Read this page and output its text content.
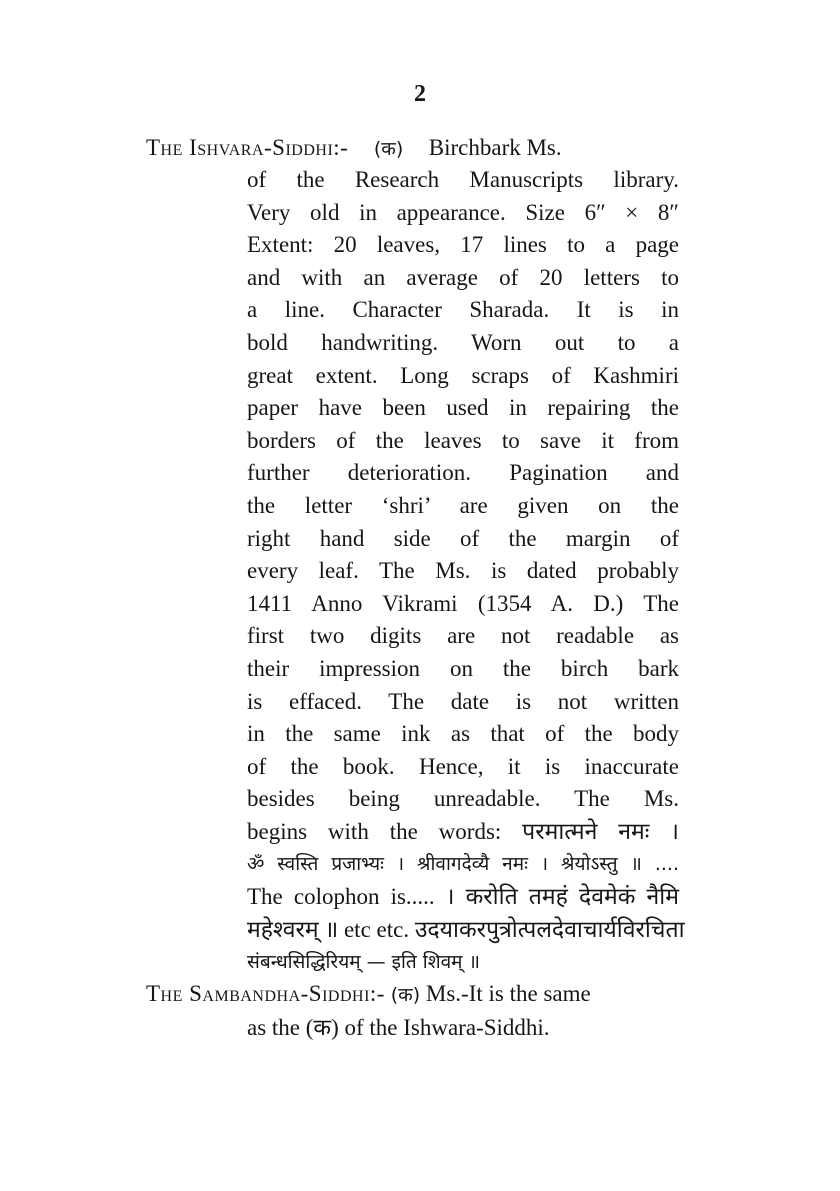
2
The Ishvara-Siddhi:- (क) Birchbark Ms.
of the Research Manuscripts library.
Very old in appearance. Size 6″ × 8″
Extent: 20 leaves, 17 lines to a page
and with an average of 20 letters to
a line. Character Sharada. It is in
bold handwriting. Worn out to a
great extent. Long scraps of Kashmiri
paper have been used in repairing the
borders of the leaves to save it from
further deterioration. Pagination and
the letter ‘shri’ are given on the
right hand side of the margin of
every leaf. The Ms. is dated probably
1411 Anno Vikrami (1354 A. D.) The
first two digits are not readable as
their impression on the birch bark
is effaced. The date is not written
in the same ink as that of the body
of the book. Hence, it is inaccurate
besides being unreadable. The Ms.
begins with the words: परमात्मने नमः ।
ॐ स्वस्ति प्रजाभ्यः । श्रीवागदेव्यै नमः । श्रेयोऽस्तु ॥ ....
The colophon is..... । करोति तमहं देवमेकं नैमि
महेश्वरम् ॥ etc etc. उदयाकरपुत्रोत्पलदेवाचार्यविरचिता
संबन्धसिद्धिरियम् — इति शिवम् ॥
The Sambandha-Siddhi:- (क) Ms.-It is the same
as the (क) of the Ishwara-Siddhi.
